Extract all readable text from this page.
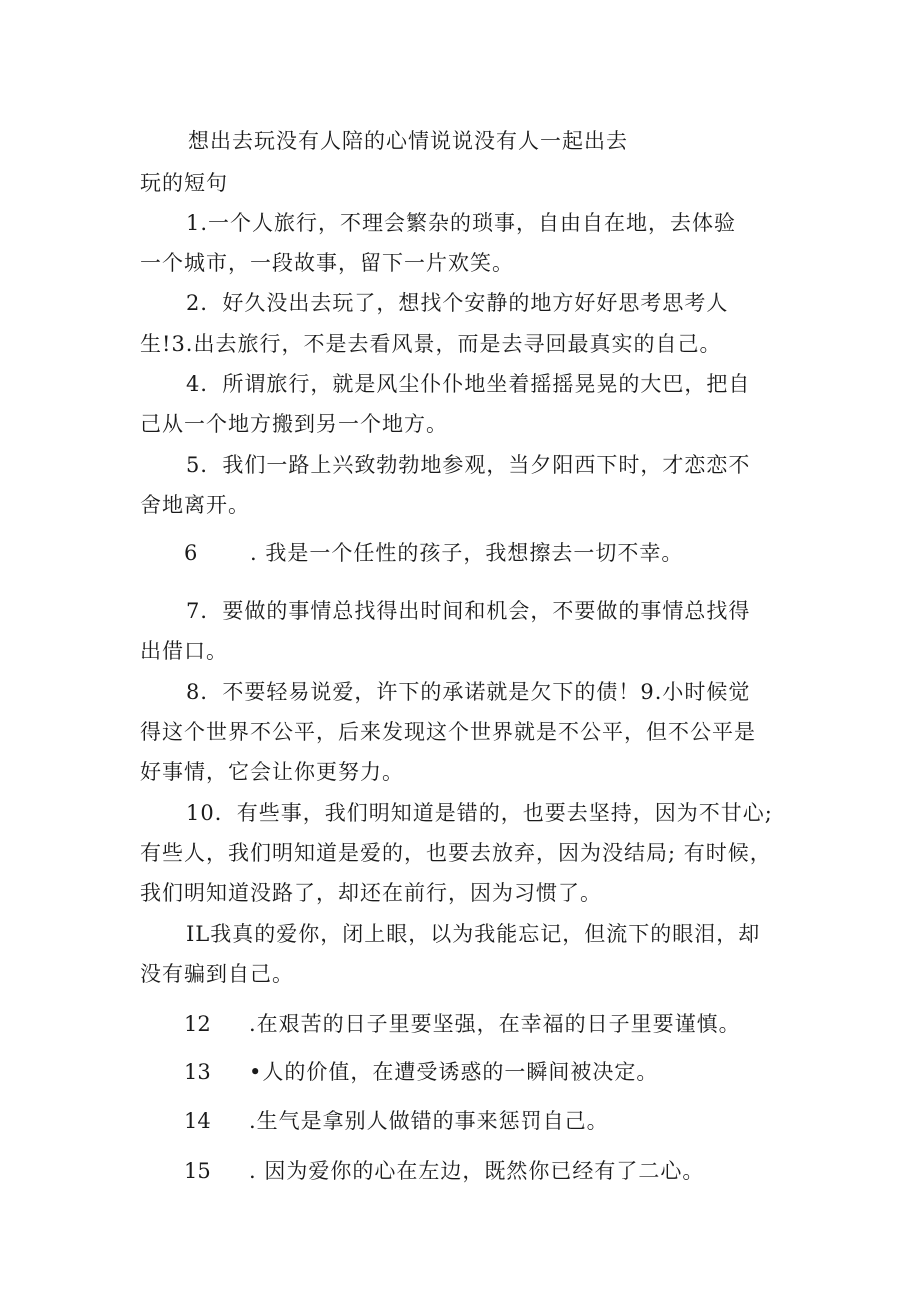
想出去玩没有人陪的心情说说没有人一起出去
玩的短句
1.一个人旅行，不理会繁杂的琐事，自由自在地，去体验
一个城市，一段故事，留下一片欢笑。
2．好久没出去玩了，想找个安静的地方好好思考思考人
生!3.出去旅行，不是去看风景，而是去寻回最真实的自己。
4．所谓旅行，就是风尘仆仆地坐着摇摇晃晃的大巴，把自
己从一个地方搬到另一个地方。
5．我们一路上兴致勃勃地参观，当夕阳西下时，才恋恋不
舍地离开。
6	. 我是一个任性的孩子，我想擦去一切不幸。
7．要做的事情总找得出时间和机会，不要做的事情总找得
出借口。
8．不要轻易说爱，许下的承诺就是欠下的债！9.小时候觉
得这个世界不公平，后来发现这个世界就是不公平，但不公平是
好事情，它会让你更努力。
10．有些事，我们明知道是错的，也要去坚持，因为不甘心;
有些人，我们明知道是爱的，也要去放弃，因为没结局; 有时候，
我们明知道没路了，却还在前行，因为习惯了。
IL我真的爱你，闭上眼，以为我能忘记，但流下的眼泪，却
没有骗到自己。
12 .在艰苦的日子里要坚强，在幸福的日子里要谨慎。
13 •人的价值，在遭受诱惑的一瞬间被决定。
14 .生气是拿别人做错的事来惩罚自己。
15 . 因为爱你的心在左边，既然你已经有了二心。
